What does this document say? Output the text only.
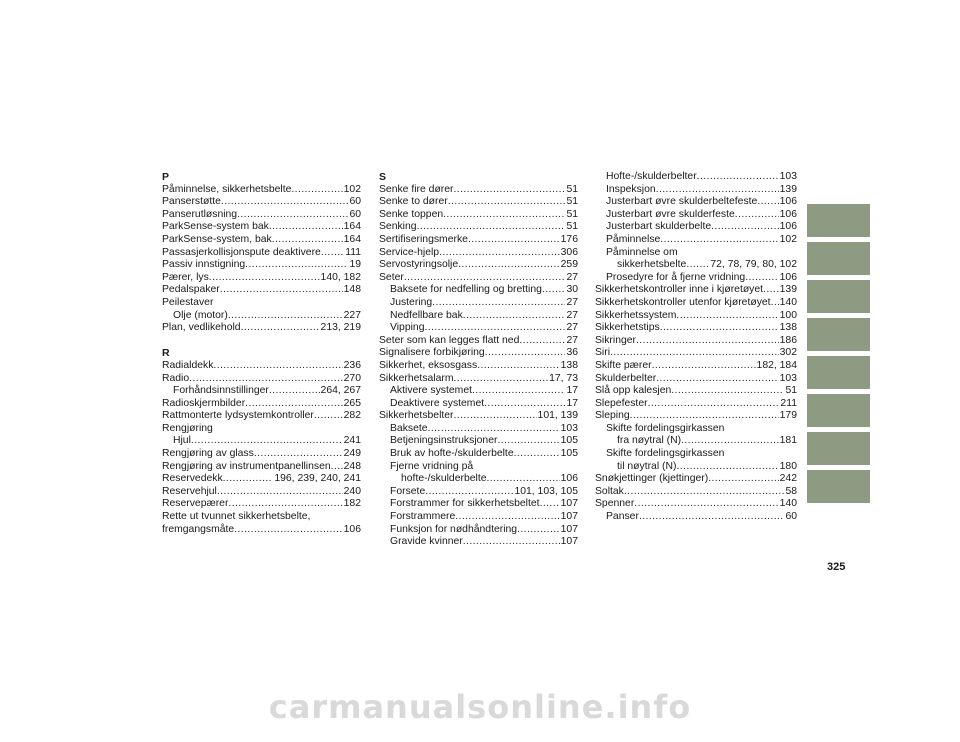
P
Påminnelse, sikkerhetsbelte .....	102
Panserstøtte .....	60
Panserutløsning .....	60
ParkSense-system bak .....	164
ParkSense-system, bak .....	164
Passasjerkollisjonspute deaktivere ..... 111
Passiv innstigning .....	19
Pærer, lys .....	140, 182
Pedalspaker .....	148
Peilestaver
Olje (motor) .....	227
Plan, vedlikehold .....	213, 219
R
Radialdekk .....	236
Radio .....	270
Forhåndsinnstillinger .....	264, 267
Radioskjermbilder .....	265
Rattmonterte lydsystemkontroller .....	282
Rengjøring
Hjul .....	241
Rengjøring av glass .....	249
Rengjøring av instrumentpanellinsen ..... 248
Reservedekk .....	196, 239, 240, 241
Reservehjul .....	240
Reservepærer .....	182
Rette ut tvunnet sikkerhetsbelte,
fremgangsmåte .....	106
S
Senke fire dører .....	51
Senke to dører .....	51
Senke toppen .....	51
Senking .....	51
Sertifiseringsmerke .....	176
Service-hjelp .....	306
Servostyringsolje .....	259
Seter .....	27
Baksete for nedfelling og bretting ..... 30
Justering .....	27
Nedfellbare bak .....	27
Vipping .....	27
Seter som kan legges flatt ned .....	27
Signalisere forbikjøring .....	36
Sikkerhet, eksosgass .....	138
Sikkerhetsalarm .....	17, 73
Aktivere systemet .....	17
Deaktivere systemet .....	17
Sikkerhetsbelter .....	101, 139
Baksete .....	103
Betjeningsinstruksjoner .....	105
Bruk av hofte-/skulderbelte .....	105
Fjerne vridning på
hofte-/skulderbelte .....	106
Forsete .....	101, 103, 105
Forstrammer for sikkerhetsbeltet ..... 107
Forstrammere .....	107
Funksjon for nødhåndtering .....	107
Gravide kvinner .....	107
Hofte-/skulderbelter .....	103
Inspeksjon .....	139
Justerbart øvre skulderbeltefeste ..... 106
Justerbart øvre skulderfeste .....	106
Justerbart skulderbelte .....	106
Påminnelse .....	102
Påminnelse om
sikkerhetsbelte ..... 72, 78, 79, 80, 102
Prosedyre for å fjerne vridning .....	106
Sikkerhetskontroller inne i kjøretøyet ..... 139
Sikkerhetskontroller utenfor kjøretøyet ..... 140
Sikkerhetssystem .....	100
Sikkerhetstips .....	138
Sikringer .....	186
Siri .....	302
Skifte pærer .....	182, 184
Skulderbelter .....	103
Slå opp kalesjen .....	51
Slepefester .....	211
Sleping .....	179
Skifte fordelingsgirkassen
fra nøytral (N) .....	181
Skifte fordelingsgirkassen
til nøytral (N) .....	180
Snøkjettinger (kjettinger) .....	242
Soltak .....	58
Spenner .....	140
Panser .....	60
325
carmanualsonline.info
